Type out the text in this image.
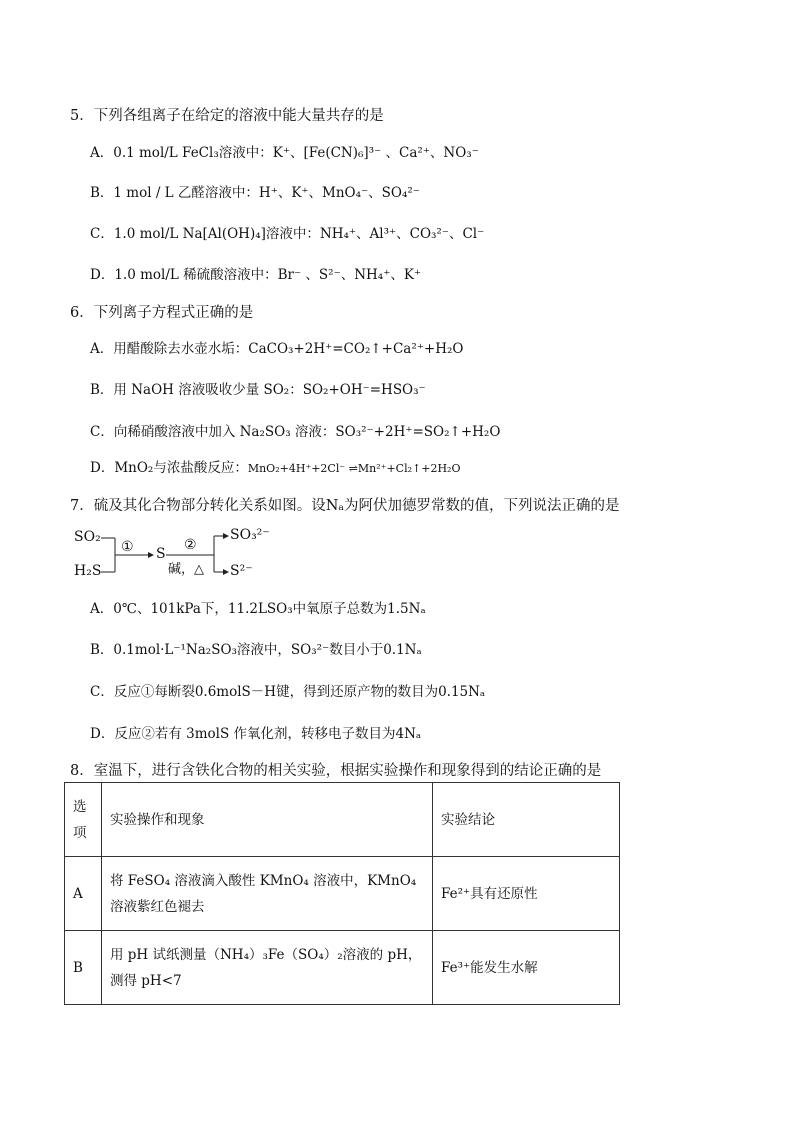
5．下列各组离子在给定的溶液中能大量共存的是
A．0.1 mol/L FeCl₃溶液中：K⁺、[Fe(CN)₆]³⁻ 、Ca²⁺、NO₃⁻
B．1 mol / L 乙醛溶液中：H⁺、K⁺、MnO₄⁻、SO₄²⁻
C．1.0 mol/L Na[Al(OH)₄]溶液中：NH₄⁺、Al³⁺、CO₃²⁻、Cl⁻
D．1.0 mol/L 稀硫酸溶液中：Br⁻ 、S²⁻、NH₄⁺、K⁺
6．下列离子方程式正确的是
A．用醋酸除去水壶水垢：CaCO₃+2H⁺=CO₂↑+Ca²⁺+H₂O
B．用 NaOH 溶液吸收少量 SO₂：SO₂+OH⁻=HSO₃⁻
C．向稀硝酸溶液中加入 Na₂SO₃ 溶液：SO₃²⁻+2H⁺=SO₂↑+H₂O
D．MnO₂与浓盐酸反应：MnO₂+4H⁺+2Cl⁻ ⇌Mn²⁺+Cl₂↑+2H₂O
7．硫及其化合物部分转化关系如图。设Nₐ为阿伏加德罗常数的值，下列说法正确的是
SO₂
H₂S
① S
②
碱，△
SO₃²⁻
S²⁻
A．0℃、101kPa下，11.2LSO₃中氧原子总数为1.5Nₐ
B．0.1mol·L⁻¹Na₂SO₃溶液中，SO₃²⁻数目小于0.1Nₐ
C．反应①每断裂0.6molS－H键，得到还原产物的数目为0.15Nₐ
D．反应②若有 3molS 作氧化剂，转移电子数目为4Nₐ
8．室温下，进行含铁化合物的相关实验，根据实验操作和现象得到的结论正确的是
选项	实验操作和现象	实验结论
A	将 FeSO₄ 溶液滴入酸性 KMnO₄ 溶液中，KMnO₄ 溶液紫红色褪去	Fe²⁺具有还原性
B	用 pH 试纸测量（NH₄）₃Fe（SO₄）₂溶液的 pH，测得 pH<7	Fe³⁺能发生水解
